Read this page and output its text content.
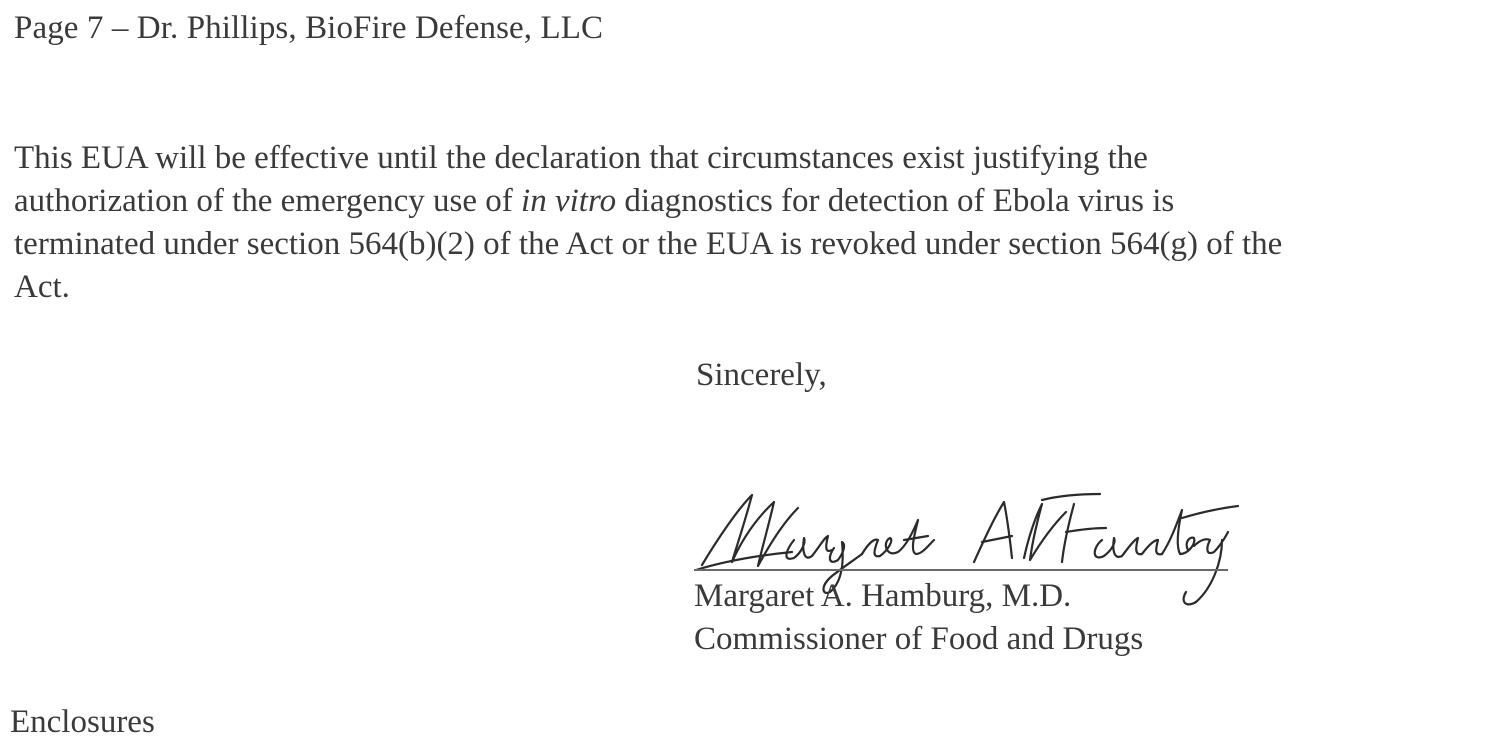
Page 7 – Dr. Phillips, BioFire Defense, LLC
This EUA will be effective until the declaration that circumstances exist justifying the
authorization of the emergency use of in vitro diagnostics for detection of Ebola virus is
terminated under section 564(b)(2) of the Act or the EUA is revoked under section 564(g) of the
Act.
Sincerely,
Margaret A. Hamburg, M.D.
Commissioner of Food and Drugs
Enclosures
